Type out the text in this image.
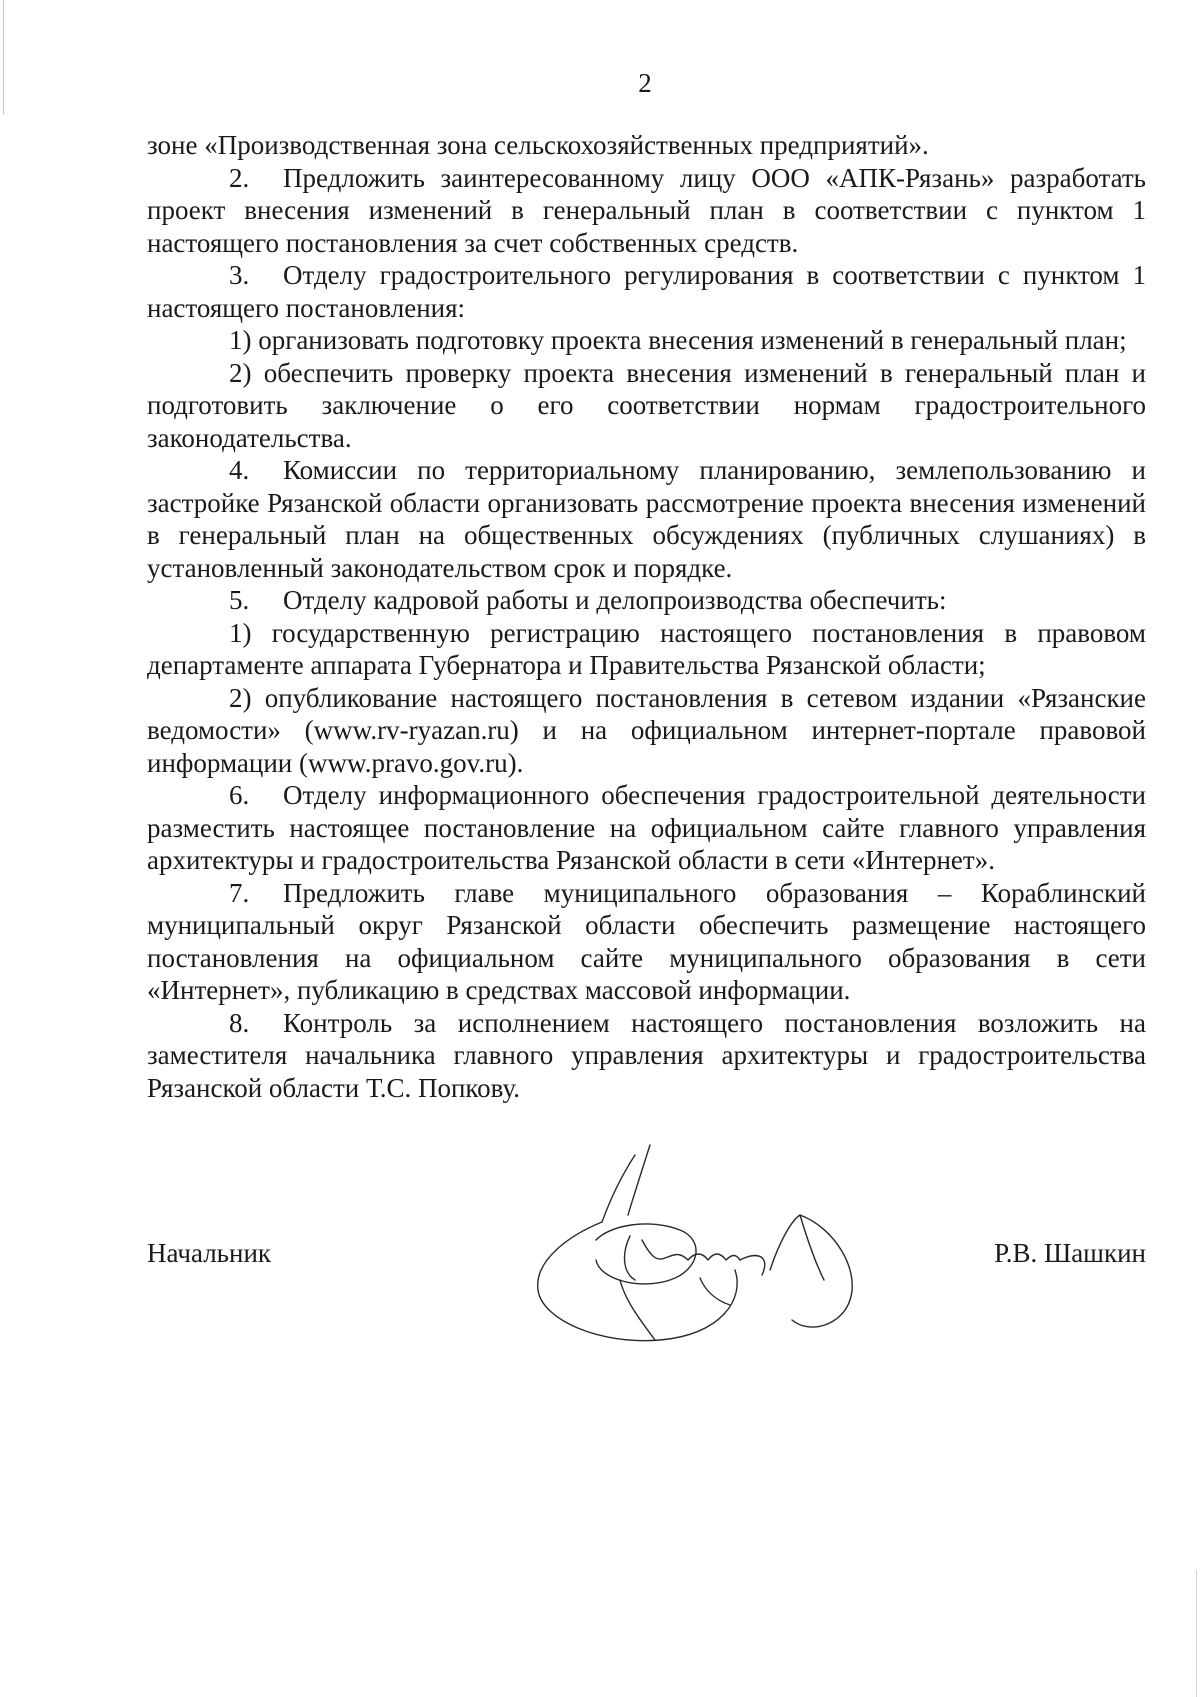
2

зоне «Производственная зона сельскохозяйственных предприятий».

2. Предложить заинтересованному лицу ООО «АПК-Рязань» разработать проект внесения изменений в генеральный план в соответствии с пунктом 1 настоящего постановления за счет собственных средств.

3. Отделу градостроительного регулирования в соответствии с пунктом 1 настоящего постановления:

1) организовать подготовку проекта внесения изменений в генеральный план;

2) обеспечить проверку проекта внесения изменений в генеральный план и подготовить заключение о его соответствии нормам градостроительного законодательства.

4. Комиссии по территориальному планированию, землепользованию и застройке Рязанской области организовать рассмотрение проекта внесения изменений в генеральный план на общественных обсуждениях (публичных слушаниях) в установленный законодательством срок и порядке.

5. Отделу кадровой работы и делопроизводства обеспечить:

1) государственную регистрацию настоящего постановления в правовом департаменте аппарата Губернатора и Правительства Рязанской области;

2) опубликование настоящего постановления в сетевом издании «Рязанские ведомости» (www.rv-ryazan.ru) и на официальном интернет-портале правовой информации (www.pravo.gov.ru).

6. Отделу информационного обеспечения градостроительной деятельности разместить настоящее постановление на официальном сайте главного управления архитектуры и градостроительства Рязанской области в сети «Интернет».

7. Предложить главе муниципального образования – Кораблинский муниципальный округ Рязанской области обеспечить размещение настоящего постановления на официальном сайте муниципального образования в сети «Интернет», публикацию в средствах массовой информации.

8. Контроль за исполнением настоящего постановления возложить на заместителя начальника главного управления архитектуры и градостроительства Рязанской области Т.С. Попкову.

Начальник	Р.В. Шашкин
